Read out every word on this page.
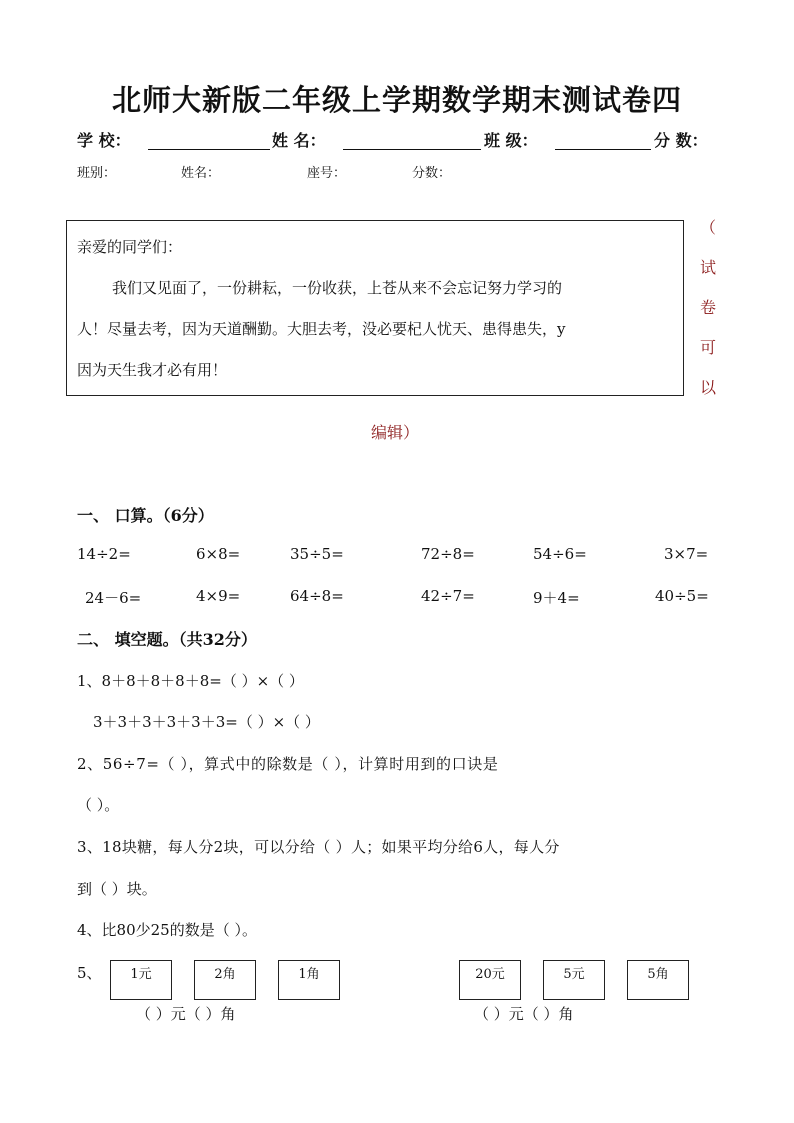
北师大新版二年级上学期数学期末测试卷四
学 校：	姓 名：	班 级：	分 数：
班别：	姓名：	座号：	分数：
亲爱的同学们：
我们又见面了，一份耕耘，一份收获，上苍从来不会忘记努力学习的
人！尽量去考，因为天道酬勤。大胆去考，没必要杞人忧天、患得患失，y
因为天生我才必有用！
（
试
卷
可
以
编辑）
一、 口算。（6分）
14÷2=	6×8=	35÷5=	72÷8=	54÷6=	3×7=
24－6=	4×9=	64÷8=	42÷7=	9＋4=	40÷5=
二、 填空题。（共32分）
1、8＋8＋8＋8＋8=（ ）×（ ）
3＋3＋3＋3＋3＋3=（ ）×（ ）
2、56÷7=（ ），算式中的除数是（ ），计算时用到的口诀是
（ ）。
3、18块糖，每人分2块，可以分给（ ）人；如果平均分给6人，每人分
到（ ）块。
4、比80少25的数是（ ）。
5、	1元	2角	1角	20元	5元	5角
（ ）元（ ）角	（ ）元（ ）角
